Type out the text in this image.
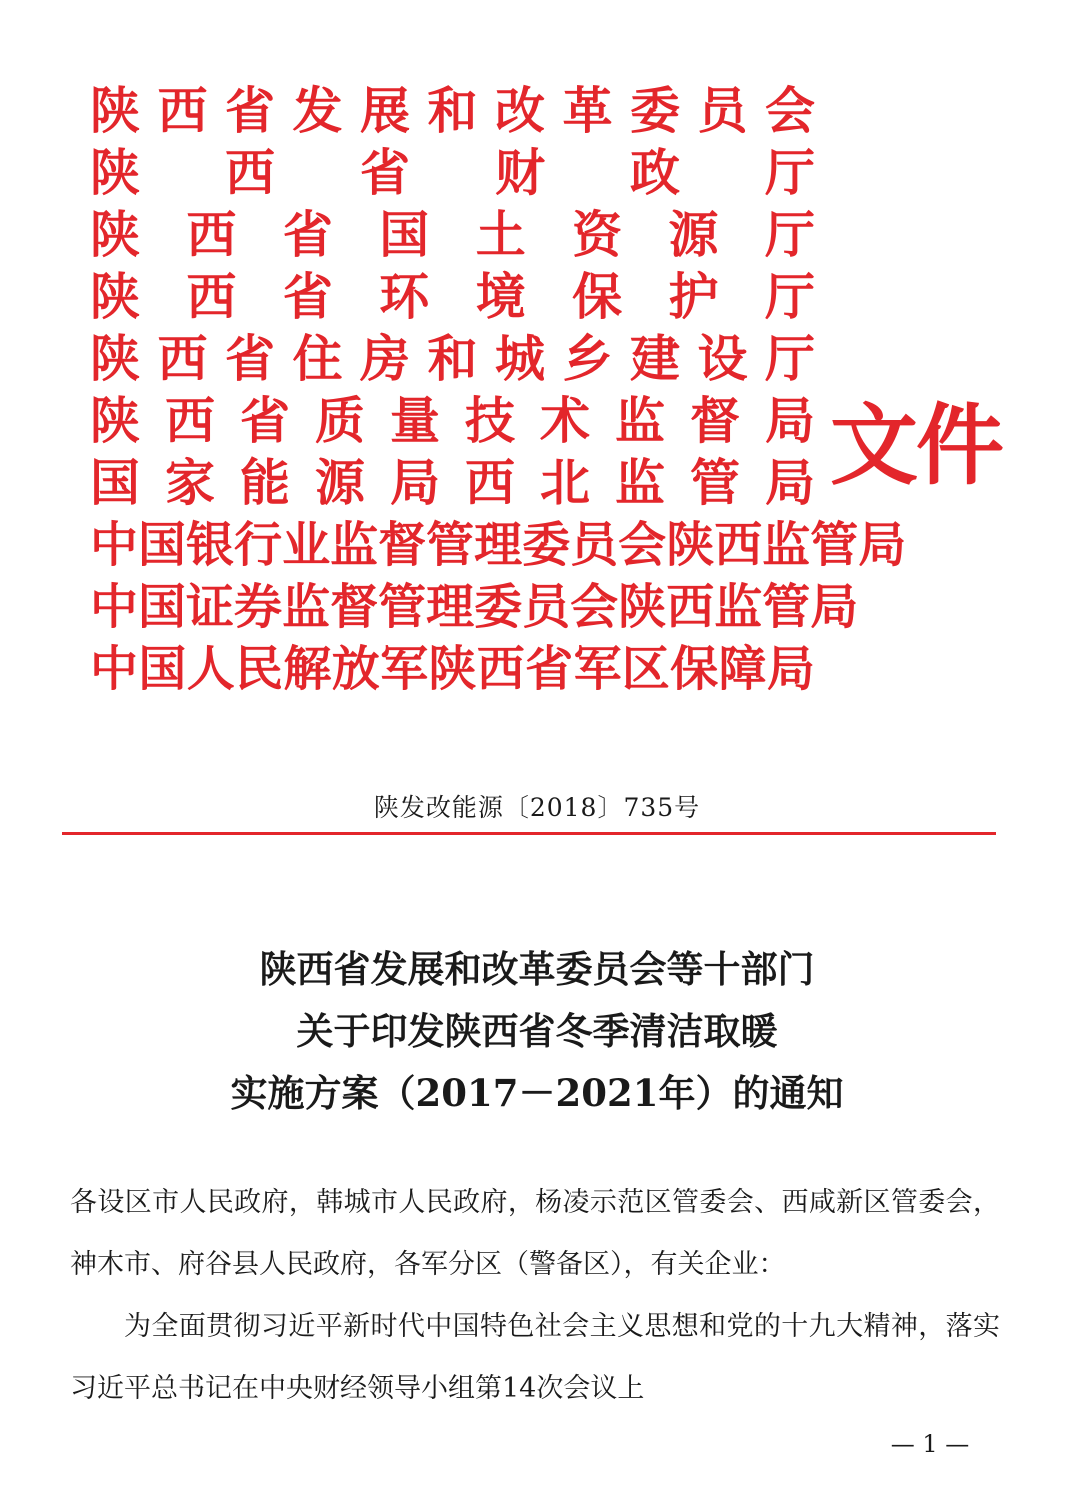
陕 西 省 发 展 和 改 革 委 员 会
陕 西 省 财 政 厅
陕 西 省 国 土 资 源 厅
陕 西 省 环 境 保 护 厅
陕 西 省 住 房 和 城 乡 建 设 厅
陕 西 省 质 量 技 术 监 督 局
国 家 能 源 局 西 北 监 管 局
中 国 银 行 业 监 督 管 理 委 员 会 陕 西 监 管 局
中 国 证 券 监 督 管 理 委 员 会 陕 西 监 管 局
中 国 人 民 解 放 军 陕 西 省 军 区 保 障 局
文件
陕发改能源〔2018〕735号
陕西省发展和改革委员会等十部门
关于印发陕西省冬季清洁取暖
实施方案（2017－2021年）的通知

各设区市人民政府，韩城市人民政府，杨凌示范区管委会、西咸新区管委会，神木市、府谷县人民政府，各军分区（警备区），有关企业：

为全面贯彻习近平新时代中国特色社会主义思想和党的十九大精神，落实习近平总书记在中央财经领导小组第14次会议上

— 1 —
